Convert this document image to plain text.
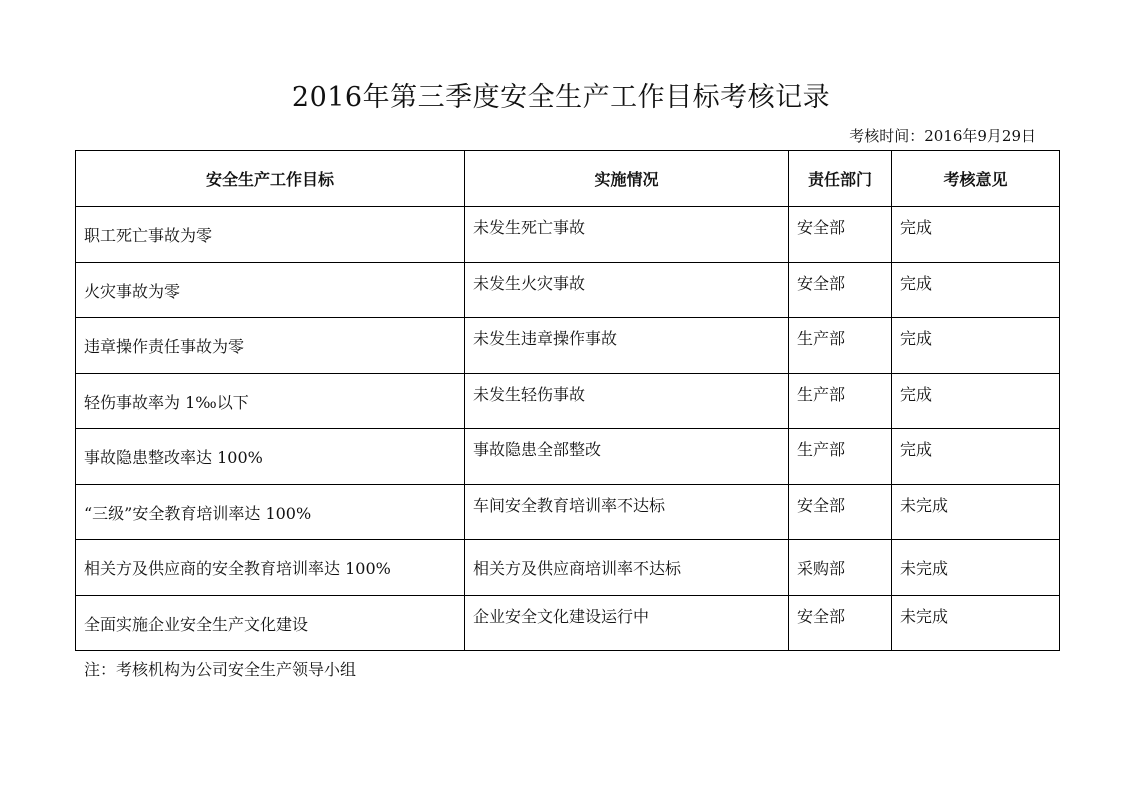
2016年第三季度安全生产工作目标考核记录
考核时间：2016年9月29日
安全生产工作目标	实施情况	责任部门	考核意见
职工死亡事故为零	未发生死亡事故	安全部	完成
火灾事故为零	未发生火灾事故	安全部	完成
违章操作责任事故为零	未发生违章操作事故	生产部	完成
轻伤事故率为 1‰以下	未发生轻伤事故	生产部	完成
事故隐患整改率达 100%	事故隐患全部整改	生产部	完成
“三级”安全教育培训率达 100%	车间安全教育培训率不达标	安全部	未完成
相关方及供应商的安全教育培训率达 100%	相关方及供应商培训率不达标	采购部	未完成
全面实施企业安全生产文化建设	企业安全文化建设运行中	安全部	未完成
注：考核机构为公司安全生产领导小组
